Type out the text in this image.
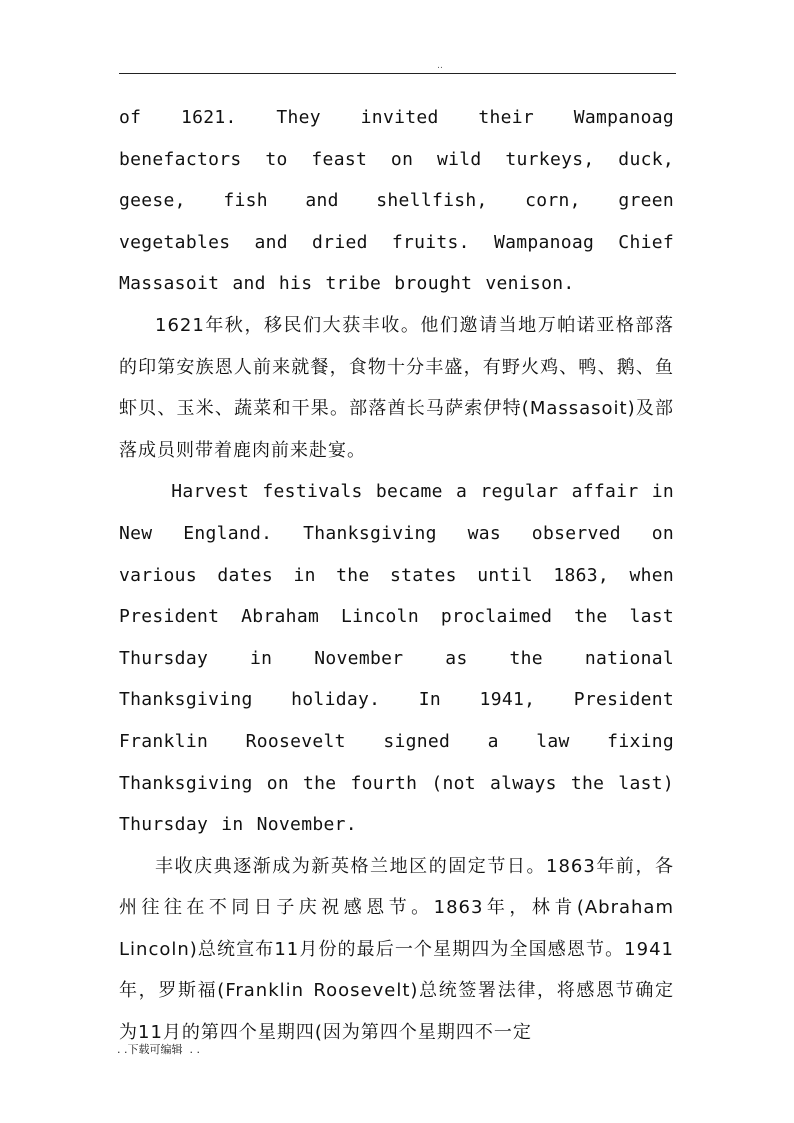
..

of 1621. They invited their Wampanoag benefactors to feast on wild turkeys, duck, geese, fish and shellfish, corn, green vegetables and dried fruits. Wampanoag Chief Massasoit and his tribe brought venison.

1621年秋，移民们大获丰收。他们邀请当地万帕诺亚格部落的印第安族恩人前来就餐，食物十分丰盛，有野火鸡、鸭、鹅、鱼虾贝、玉米、蔬菜和干果。部落酋长马萨索伊特(Massasoit)及部落成员则带着鹿肉前来赴宴。

Harvest festivals became a regular affair in New England. Thanksgiving was observed on various dates in the states until 1863, when President Abraham Lincoln proclaimed the last Thursday in November as the national Thanksgiving holiday. In 1941, President Franklin Roosevelt signed a law fixing Thanksgiving on the fourth (not always the last) Thursday in November.

丰收庆典逐渐成为新英格兰地区的固定节日。1863年前，各州往往在不同日子庆祝感恩节。1863年，林肯(Abraham Lincoln)总统宣布11月份的最后一个星期四为全国感恩节。1941年，罗斯福(Franklin Roosevelt)总统签署法律，将感恩节确定为11月的第四个星期四(因为第四个星期四不一定

. .下载可编辑  . .
